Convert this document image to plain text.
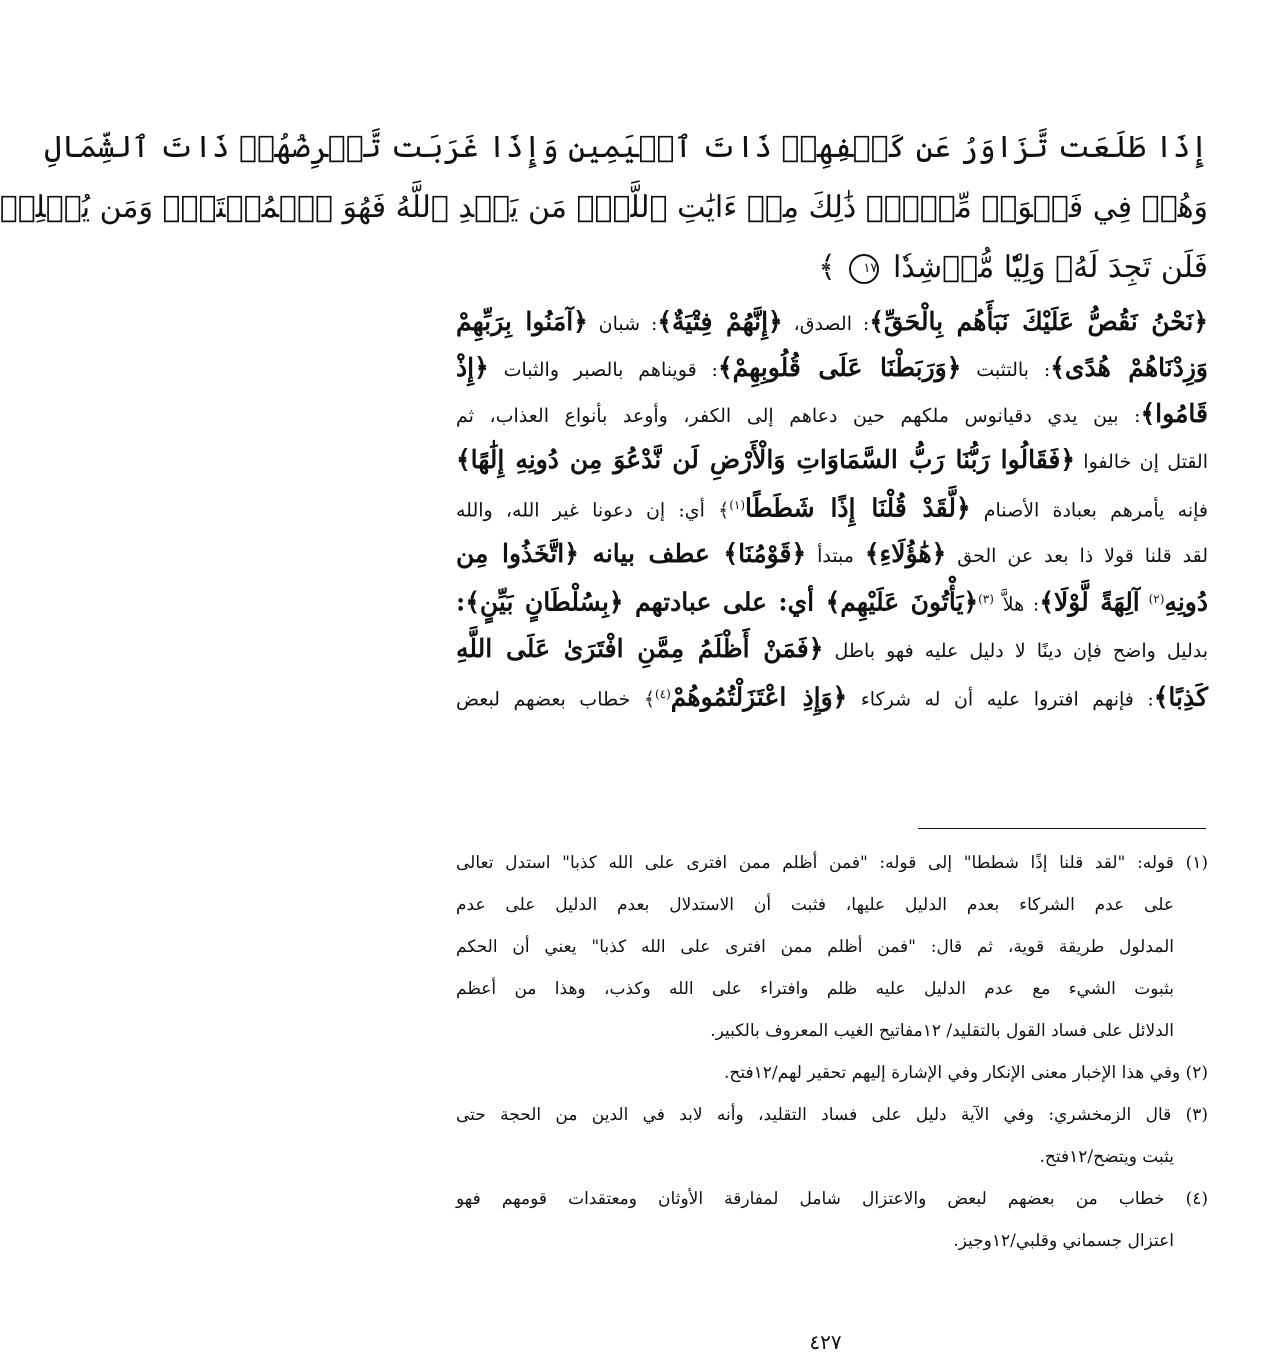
إِذَا طَلَعَت تَّزَاوَرُ عَن كَهۡفِهِمۡ ذَاتَ ٱلۡيَمِينِ وَإِذَا غَرَبَت تَّقۡرِضُهُمۡ ذَاتَ ٱلشِّمَالِ
وَهُمۡ فِي فَجۡوَةٖ مِّنۡهُۚ ذَٰلِكَ مِنۡ ءَايَٰتِ ٱللَّهِۗ مَن يَهۡدِ ٱللَّهُ فَهُوَ ٱلۡمُهۡتَدِۖ وَمَن يُضۡلِلۡ
فَلَن تَجِدَ لَهُۥ وَلِيّٗا مُّرۡشِدٗا ١٧ ﴾
﴿نَحْنُ نَقُصُّ عَلَيْكَ نَبَأَهُم بِالْحَقِّ﴾: الصدق، ﴿إِنَّهُمْ فِتْيَةٌ﴾: شبان ﴿آمَنُوا بِرَبِّهِمْ
وَزِدْنَاهُمْ هُدًى﴾: بالتثبت ﴿وَرَبَطْنَا عَلَى قُلُوبِهِمْ﴾: قويناهم بالصبر والثبات ﴿إِذْ
قَامُوا﴾: بين يدي دقيانوس ملكهم حين دعاهم إلى الكفر، وأوعد بأنواع العذاب، ثم
القتل إن خالفوا ﴿فَقَالُوا رَبُّنَا رَبُّ السَّمَاوَاتِ وَالْأَرْضِ لَن نَّدْعُوَ مِن دُونِهِ إِلَٰهًا﴾
فإنه يأمرهم بعبادة الأصنام ﴿لَّقَدْ قُلْنَا إِذًا شَطَطًا$^{(١)}$﴾ أي: إن دعونا غير الله، والله
لقد قلنا قولا ذا بعد عن الحق ﴿هَٰؤُلَاءِ﴾ مبتدأ ﴿قَوْمُنَا﴾ عطف بيانه ﴿اتَّخَذُوا مِن
دُونِهِ$^{(٢)}$ آلِهَةً لَّوْلَا﴾: هلاَّ $^{(٣)}$﴿يَأْتُونَ عَلَيْهِم﴾ أي: على عبادتهم ﴿بِسُلْطَانٍ بَيِّنٍ﴾:
بدليل واضح فإن دينًا لا دليل عليه فهو باطل ﴿فَمَنْ أَظْلَمُ مِمَّنِ افْتَرَىٰ عَلَى اللَّهِ
كَذِبًا﴾: فإنهم افتروا عليه أن له شركاء ﴿وَإِذِ اعْتَزَلْتُمُوهُمْ$^{(٤)}$﴾ خطاب بعضهم لبعض
(١) قوله: "لقد قلنا إذًا شططا" إلى قوله: "فمن أظلم ممن افترى على الله كذبا" استدل تعالى
على عدم الشركاء بعدم الدليل عليها، فثبت أن الاستدلال بعدم الدليل على عدم
المدلول طريقة قوية، ثم قال: "فمن أظلم ممن افترى على الله كذبا" يعني أن الحكم
بثبوت الشيء مع عدم الدليل عليه ظلم وافتراء على الله وكذب، وهذا من أعظم
الدلائل على فساد القول بالتقليد/ ١٢مفاتيح الغيب المعروف بالكبير.
(٢) وفي هذا الإخبار معنى الإنكار وفي الإشارة إليهم تحقير لهم/١٢فتح.
(٣) قال الزمخشري: وفي الآية دليل على فساد التقليد، وأنه لابد في الدين من الحجة حتى
يثبت ويتضح/١٢فتح.
(٤) خطاب من بعضهم لبعض والاعتزال شامل لمفارقة الأوثان ومعتقدات قومهم فهو
اعتزال جسماني وقلبي/١٢وجيز.
٤٢٧
